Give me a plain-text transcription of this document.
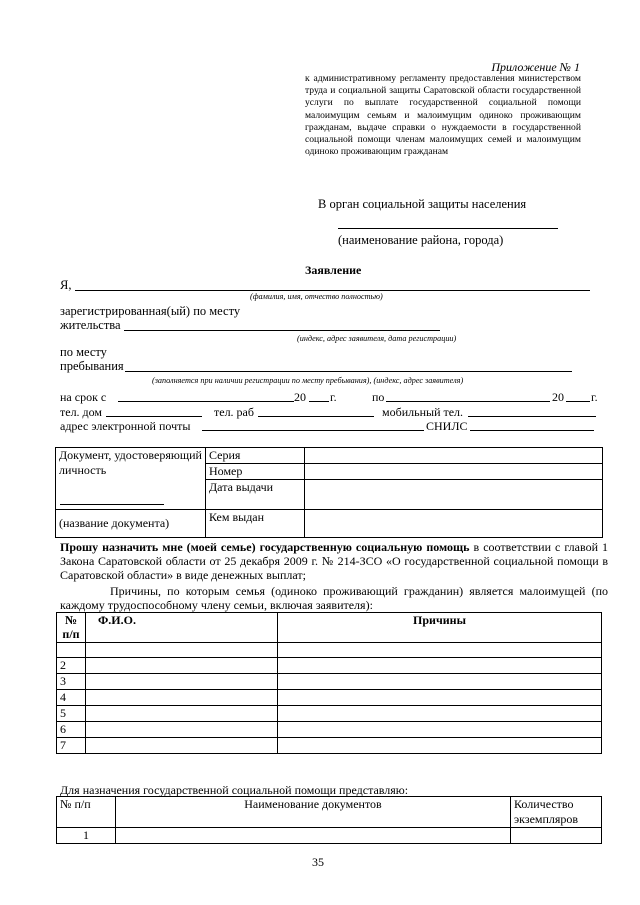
Приложение № 1
к административному регламенту предоставления министерством труда и социальной защиты Саратовской области государственной услуги по выплате государственной социальной помощи малоимущим семьям и малоимущим одиноко проживающим гражданам, выдаче справки о нуждаемости в государственной социальной помощи членам малоимущих семей и малоимущим одиноко проживающим гражданам
В орган социальной защиты населения
(наименование района, города)
Заявление
Я,
(фамилия, имя, отчество полностью)
зарегистрированная(ый) по месту
жительства
(индекс, адрес заявителя, дата регистрации)
по месту
пребывания
(заполняется при наличии регистрации по месту пребывания), (индекс, адрес заявителя)
на срок с	20 г.	по	20 г.
тел. дом	тел. раб	мобильный тел.
адрес электронной почты	СНИЛС
Документ, удостоверяющий личность	Серия	
	Номер	
	Дата выдачи	
(название документа)	Кем выдан	
Прошу назначить мне (моей семье) государственную социальную помощь в соответствии с главой 1 Закона Саратовской области от 25 декабря 2009 г. № 214-ЗСО «О государственной социальной помощи в Саратовской области» в виде денежных выплат;
Причины, по которым семья (одиноко проживающий гражданин) является малоимущей (по каждому трудоспособному члену семьи, включая заявителя):
№ п/п	Ф.И.О.	Причины

2		
3		
4		
5		
6		
7		
Для назначения государственной социальной помощи представляю:
№ п/п	Наименование документов	Количество экземпляров
1		
35
